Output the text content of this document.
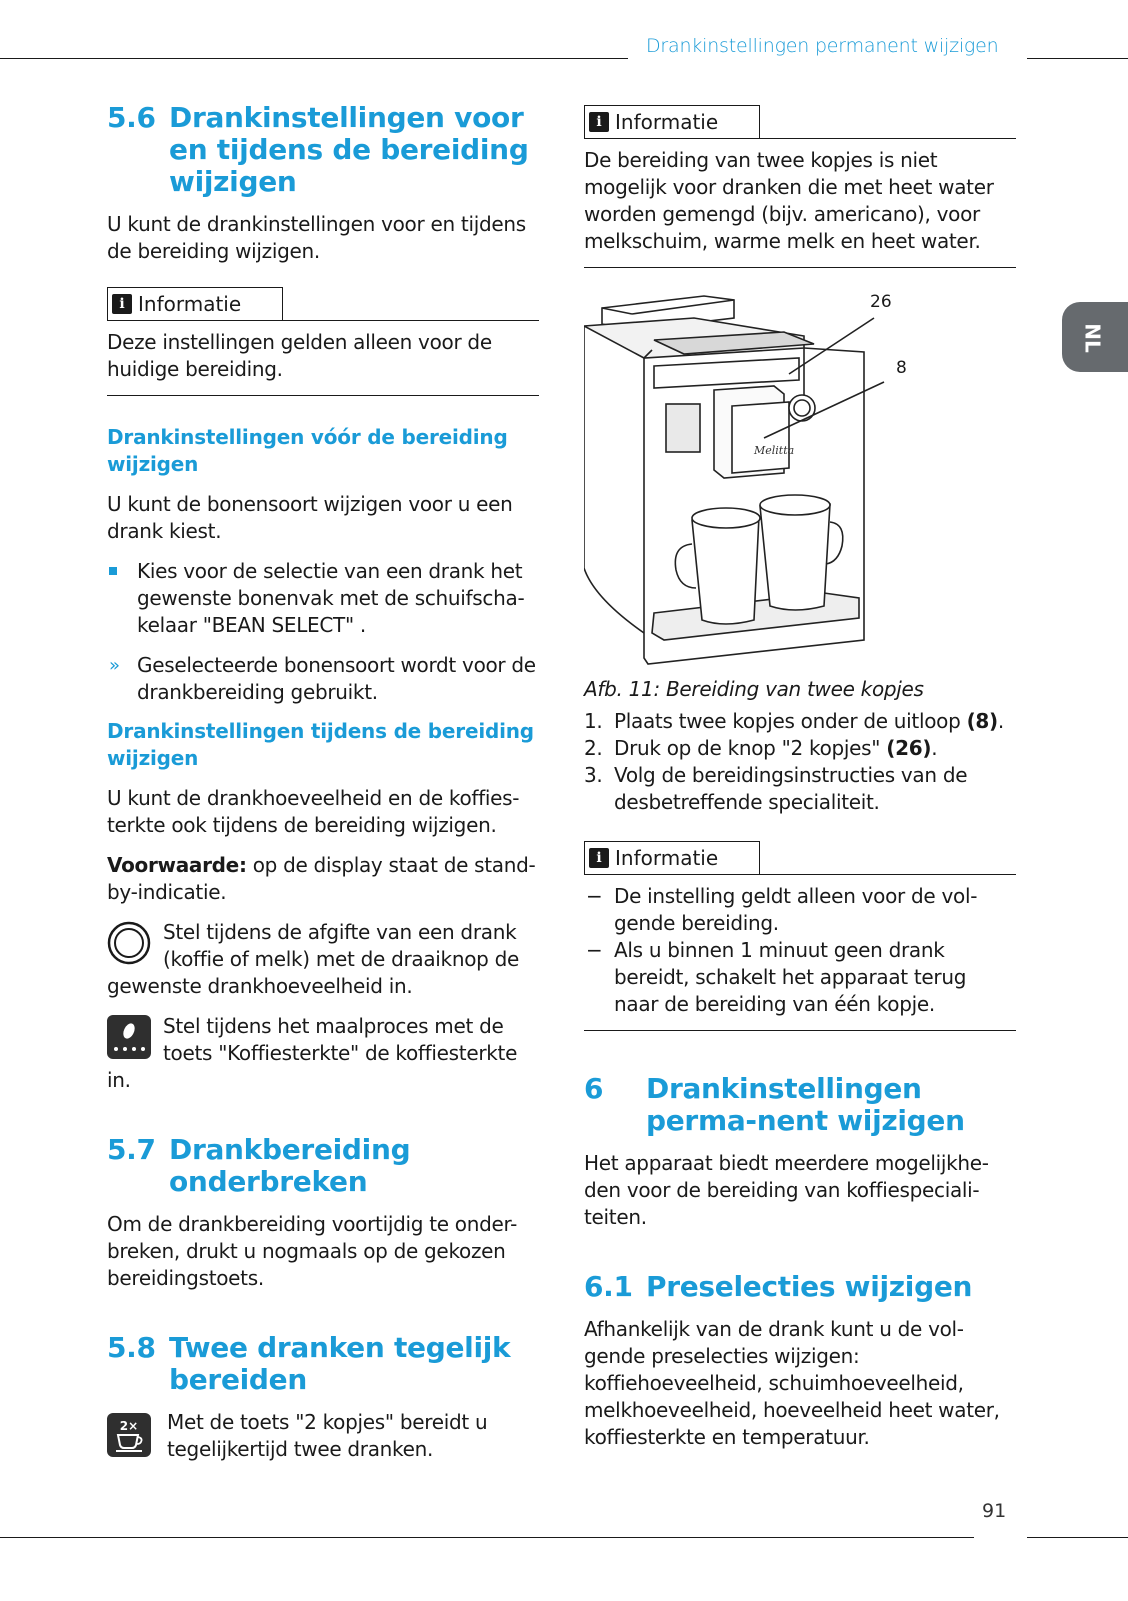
Drankinstellingen permanent wijzigen
NL
5.6 Drankinstellingen voor en tijdens de bereiding wijzigen

U kunt de drankinstellingen voor en tijdens de bereiding wijzigen.

i Informatie

Deze instellingen gelden alleen voor de huidige bereiding.

Drankinstellingen vóór de bereiding wijzigen

U kunt de bonensoort wijzigen voor u een drank kiest.

Kies voor de selectie van een drank het gewenste bonenvak met de schuifscha-kelaar "BEAN SELECT" .

» Geselecteerde bonensoort wordt voor de drankbereiding gebruikt.

Drankinstellingen tijdens de bereiding wijzigen

U kunt de drankhoeveelheid en de koffies-terkte ook tijdens de bereiding wijzigen.

Voorwaarde: op de display staat de stand-by-indicatie.

Stel tijdens de afgifte van een drank (koffie of melk) met de draaiknop de gewenste drankhoeveelheid in.

Stel tijdens het maalproces met de toets "Koffiesterkte" de koffiesterkte in.

5.7 Drankbereiding onderbreken

Om de drankbereiding voortijdig te onder-breken, drukt u nogmaals op de gekozen bereidingstoets.

5.8 Twee dranken tegelijk bereiden
2×	Met de toets "2 kopjes" bereidt u tegelijkertijd twee dranken.

i Informatie

De bereiding van twee kopjes is niet mogelijk voor dranken die met heet water worden gemengd (bijv. americano), voor melkschuim, warme melk en heet water.

Melitta
26
8

Afb. 11: Bereiding van twee kopjes

1. Plaats twee kopjes onder de uitloop (8).
2. Druk op de knop "2 kopjes" (26).
3. Volg de bereidingsinstructies van de desbetreffende specialiteit.
i Informatie
− De instelling geldt alleen voor de vol-gende bereiding.
− Als u binnen 1 minuut geen drank bereidt, schakelt het apparaat terug naar de bereiding van één kopje.
6 Drankinstellingen perma-nent wijzigen

Het apparaat biedt meerdere mogelijkhe-den voor de bereiding van koffiespeciali-teiten.

6.1 Preselecties wijzigen

Afhankelijk van de drank kunt u de vol-gende preselecties wijzigen: koffiehoeveelheid, schuimhoeveelheid, melkhoeveelheid, hoeveelheid heet water, koffiesterkte en temperatuur.

91
